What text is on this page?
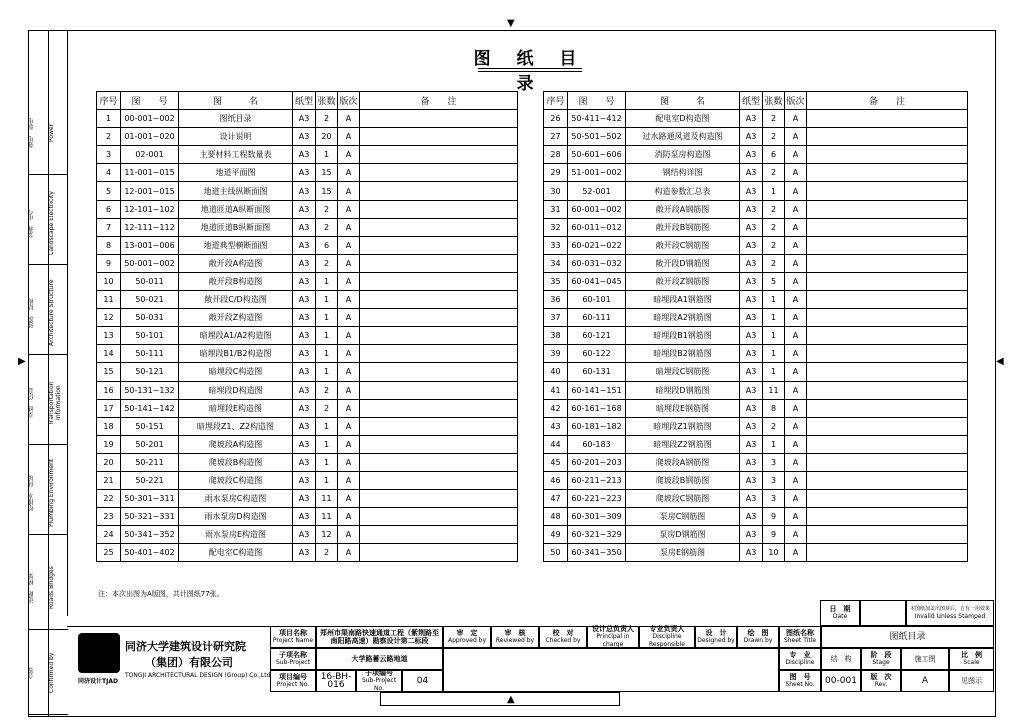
▼
▲
▶	◀
强电　弱电	Power
景观　电气	Landscape Electricity
建筑　结构	Architecture Structure
交通　信息	Transportation Information
给排水　环境	Plumbing Environment
道路　桥梁	Roads Bridges
会签	Confirmed by
图 纸 目 录
序号	图　　号	图　　　名	纸型	张数	版次	备　　注
1	00-001~002	图纸目录	A3	2	A	
2	01-001~020	设计说明	A3	20	A	
3	02-001	主要材料工程数量表	A3	1	A	
4	11-001~015	地道平面图	A3	15	A	
5	12-001~015	地道主线纵断面图	A3	15	A	
6	12-101~102	地道匝道A纵断面图	A3	2	A	
7	12-111~112	地道匝道B纵断面图	A3	2	A	
8	13-001~006	地道典型横断面图	A3	6	A	
9	50-001~002	敞开段A构造图	A3	2	A	
10	50-011	敞开段B构造图	A3	1	A	
11	50-021	敞开段C/D构造图	A3	1	A	
12	50-031	敞开段Z构造图	A3	1	A	
13	50-101	暗埋段A1/A2构造图	A3	1	A	
14	50-111	暗埋段B1/B2构造图	A3	1	A	
15	50-121	暗埋段C构造图	A3	1	A	
16	50-131~132	暗埋段D构造图	A3	2	A	
17	50-141~142	暗埋段E构造图	A3	2	A	
18	50-151	暗埋段Z1、Z2构造图	A3	1	A	
19	50-201	爬坡段A构造图	A3	1	A	
20	50-211	爬坡段B构造图	A3	1	A	
21	50-221	爬坡段C构造图	A3	1	A	
22	50-301~311	雨水泵房C构造图	A3	11	A	
23	50-321~331	雨水泵房D构造图	A3	11	A	
24	50-341~352	雨水泵房E构造图	A3	12	A	
25	50-401~402	配电室C构造图	A3	2	A	
序号	图　　号	图　　　名	纸型	张数	版次	备　　注
26	50-411~412	配电室D构造图	A3	2	A	
27	50-501~502	过水路通风道及构造图	A3	2	A	
28	50-601~606	消防泵房构造图	A3	6	A	
29	51-001~002	钢结构详图	A3	2	A	
30	52-001	构造参数汇总表	A3	1	A	
31	60-001~002	敞开段A钢筋图	A3	2	A	
32	60-011~012	敞开段B钢筋图	A3	2	A	
33	60-021~022	敞开段C钢筋图	A3	2	A	
34	60-031~032	敞开段D钢筋图	A3	2	A	
35	60-041~045	敞开段Z钢筋图	A3	5	A	
36	60-101	暗埋段A1钢筋图	A3	1	A	
37	60-111	暗埋段A2钢筋图	A3	1	A	
38	60-121	暗埋段B1钢筋图	A3	1	A	
39	60-122	暗埋段B2钢筋图	A3	1	A	
40	60-131	暗埋段C钢筋图	A3	1	A	
41	60-141~151	暗埋段D钢筋图	A3	11	A	
42	60-161~168	暗埋段E钢筋图	A3	8	A	
43	60-181~182	暗埋段Z1钢筋图	A3	2	A	
44	60-183	暗埋段Z2钢筋图	A3	1	A	
45	60-201~203	爬坡段A钢筋图	A3	3	A	
46	60-211~213	爬坡段B钢筋图	A3	3	A	
47	60-221~223	爬坡段C钢筋图	A3	3	A	
48	60-301~309	泵房C钢筋图	A3	9	A	
49	60-321~329	泵房D钢筋图	A3	9	A	
50	60-341~350	泵房E钢筋图	A3	10	A	
注：本次出图为A版图，共计图纸77张。
同济设计TJAD
同济大学建筑设计研究院
（集团）有限公司
TONGJI ARCHITECTURAL DESIGN (Group) Co.,Ltd
项目名称
Project Name
郑州市渠南路快速通道工程（紫荆路至南阳路高速）勘察设计第二标段
子项名称
Sub-Project	大学路蓄云路地道
项目编号
Project No.
16-BH-016
子项编号
Sub-Project No.
04
审　定
Approved by
审　核
Reviewed by
校　对
Checked by
设计总负责人
Principal in charge
专业负责人
Discipline Responsible
设　计
Designed by
绘　图
Drawn by
日　期
Date
本图纸加盖出图章后，方有一用效果
Invalid Unless Stamped
图纸名称
Sheet Title	图纸目录
专　业
Discipline	结　构	阶　段
Stage	施工图	比　例
Scale
图　号
Sheet No.	00-001	版　次
Rev.	A	见图示
